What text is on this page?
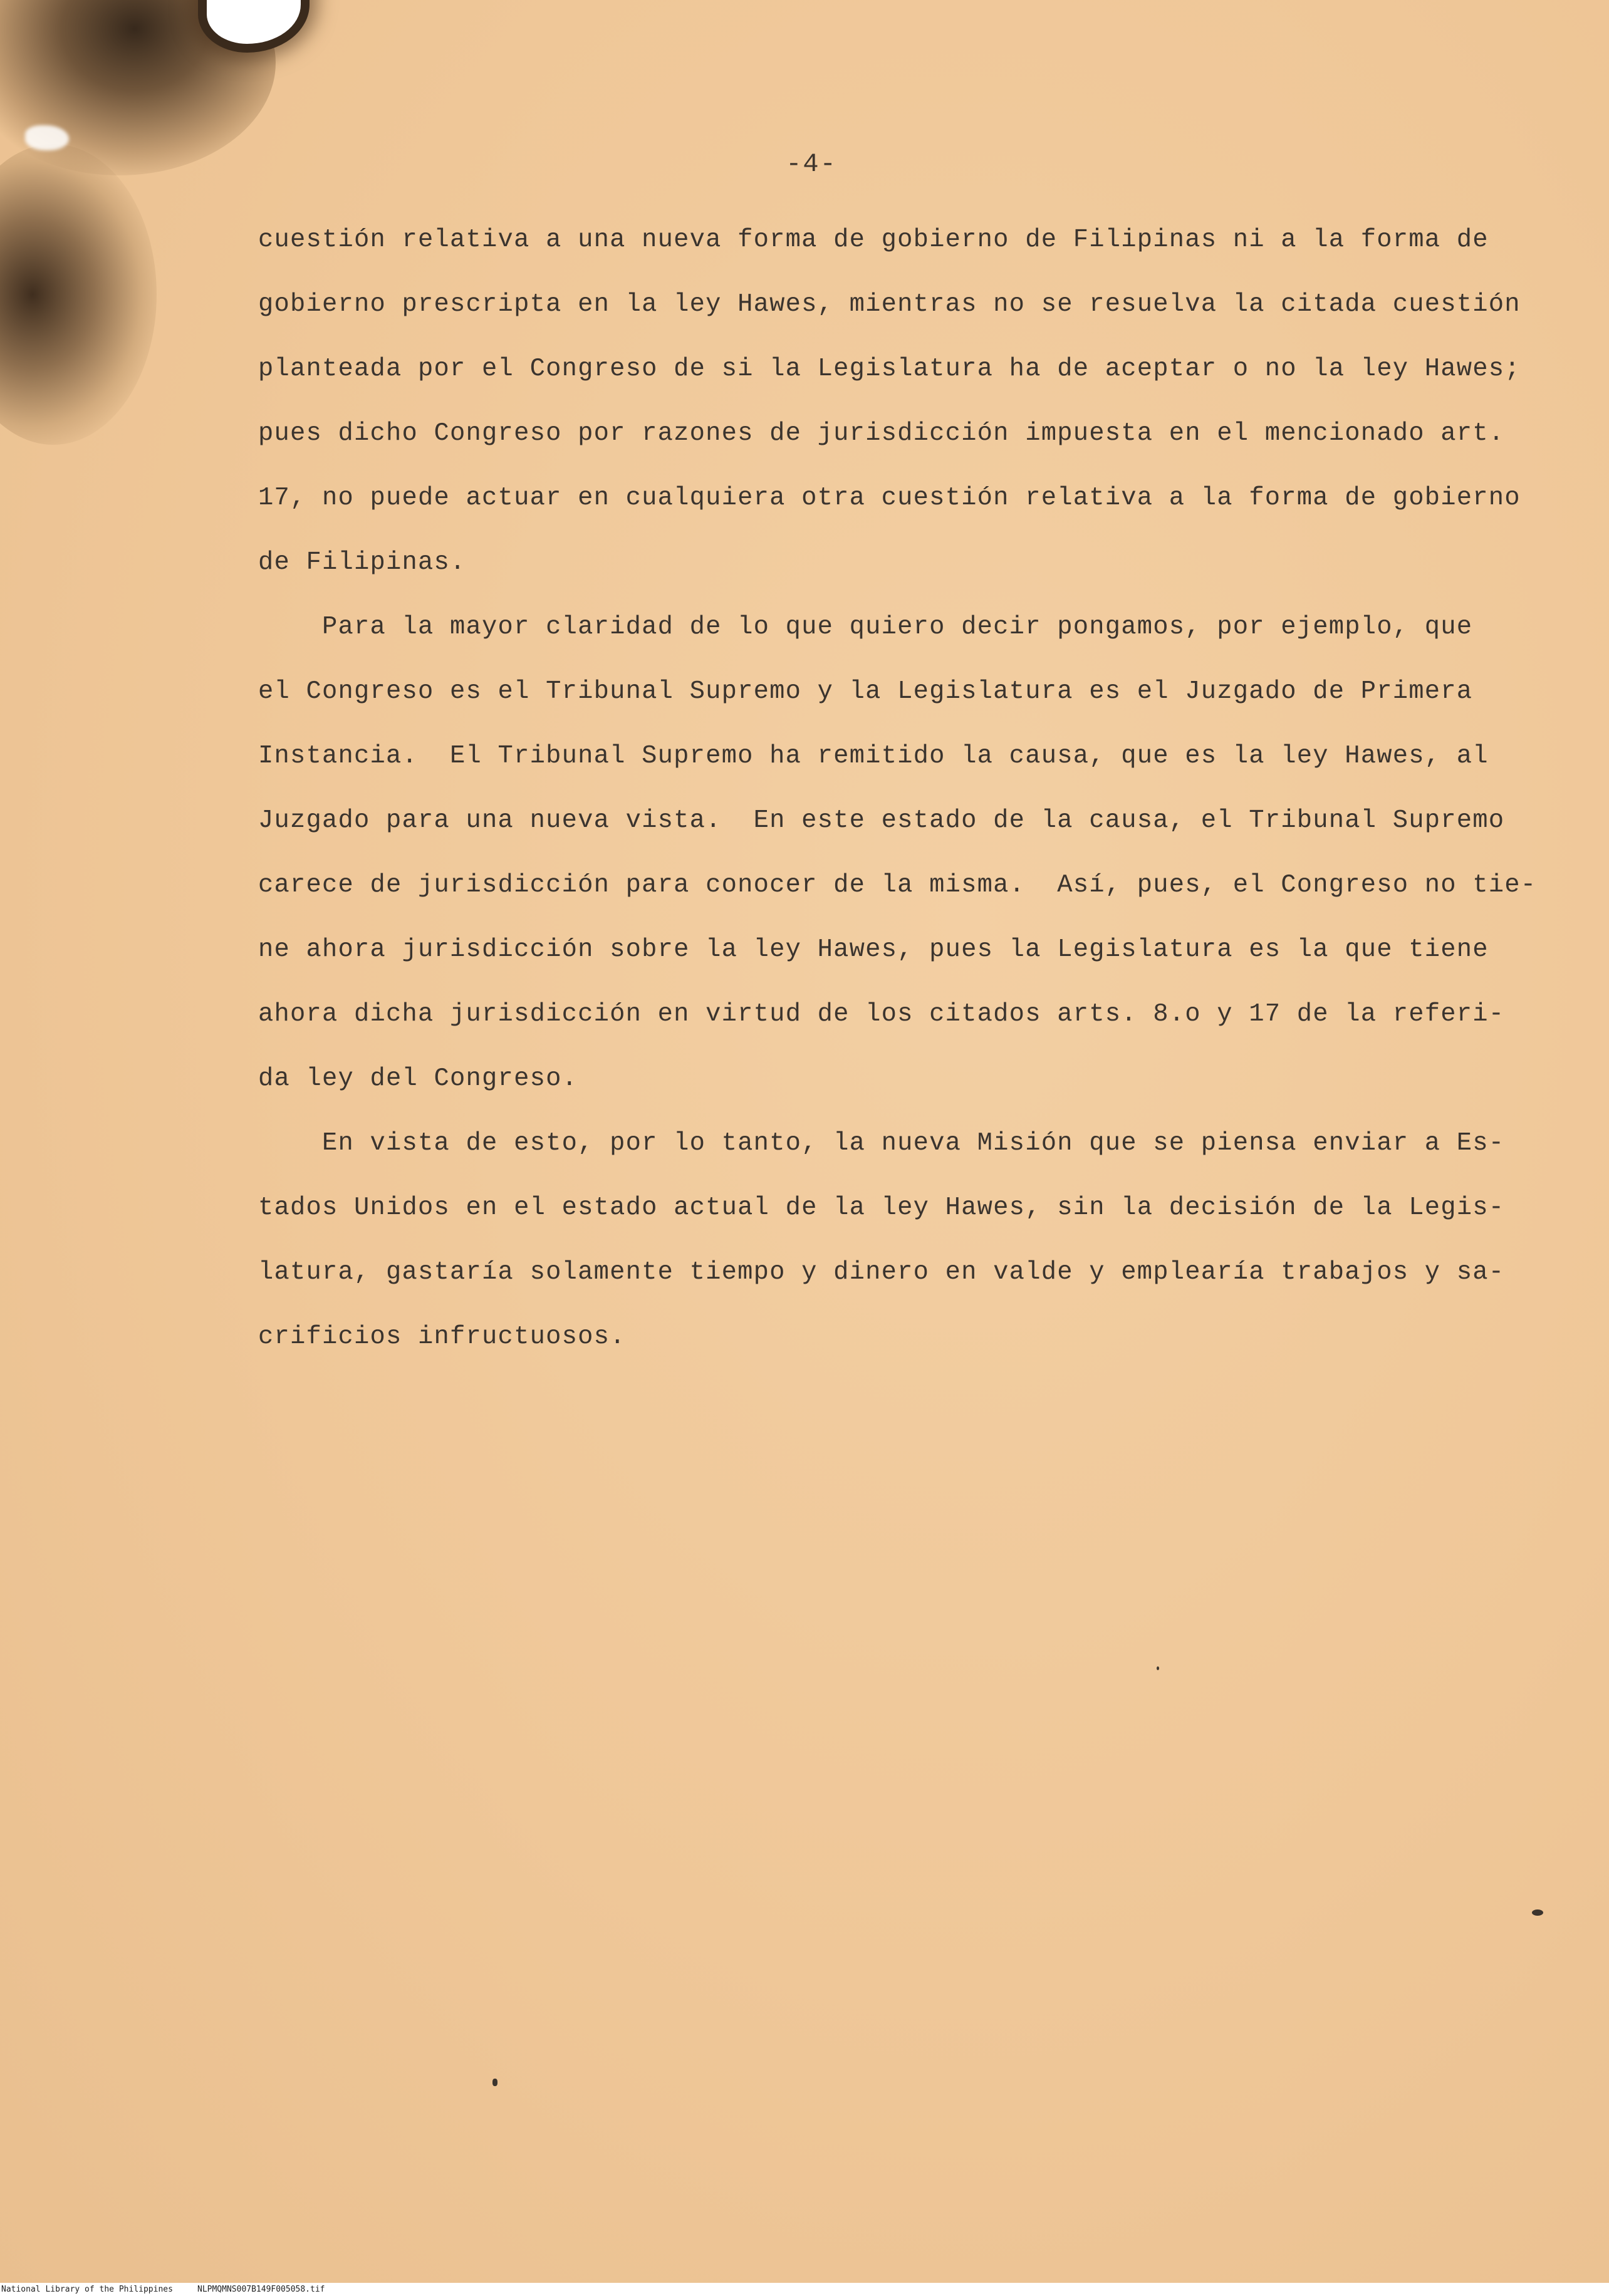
-4-
cuestión relativa a una nueva forma de gobierno de Filipinas ni a la forma de
gobierno prescripta en la ley Hawes, mientras no se resuelva la citada cuestión
planteada por el Congreso de si la Legislatura ha de aceptar o no la ley Hawes;
pues dicho Congreso por razones de jurisdicción impuesta en el mencionado art.
17, no puede actuar en cualquiera otra cuestión relativa a la forma de gobierno
de Filipinas.
Para la mayor claridad de lo que quiero decir pongamos, por ejemplo, que
el Congreso es el Tribunal Supremo y la Legislatura es el Juzgado de Primera
Instancia.  El Tribunal Supremo ha remitido la causa, que es la ley Hawes, al
Juzgado para una nueva vista.  En este estado de la causa, el Tribunal Supremo
carece de jurisdicción para conocer de la misma.  Así, pues, el Congreso no tie-
ne ahora jurisdicción sobre la ley Hawes, pues la Legislatura es la que tiene
ahora dicha jurisdicción en virtud de los citados arts. 8.o y 17 de la referi-
da ley del Congreso.
En vista de esto, por lo tanto, la nueva Misión que se piensa enviar a Es-
tados Unidos en el estado actual de la ley Hawes, sin la decisión de la Legis-
latura, gastaría solamente tiempo y dinero en valde y emplearía trabajos y sa-
crificios infructuosos.
National Library of the Philippines	NLPMQMNS007B149F005058.tif
